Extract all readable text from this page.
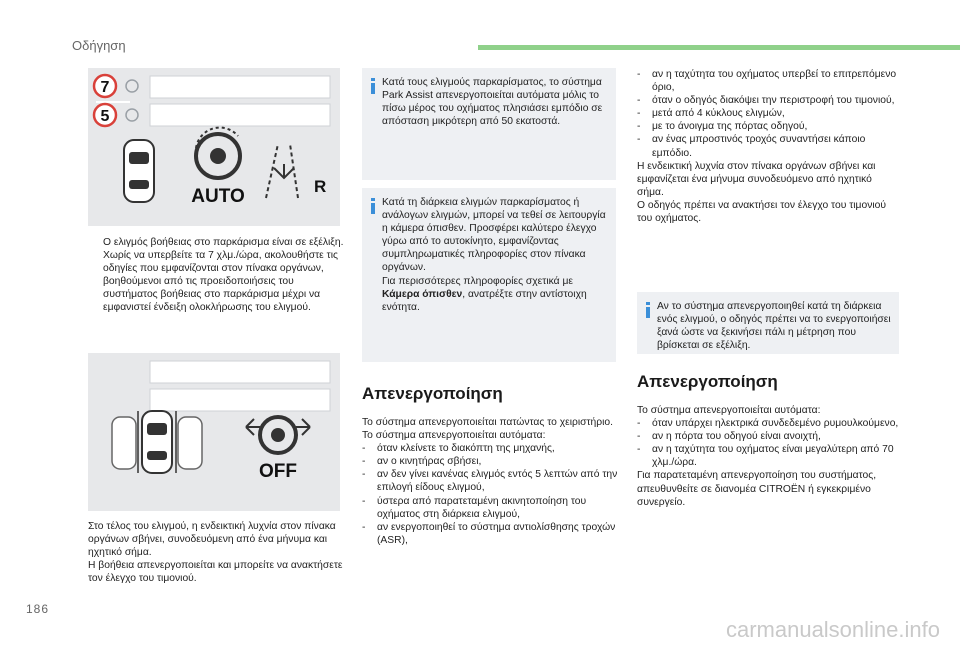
Οδήγηση
7
5
AUTO	R

Ο ελιγμός βοήθειας στο παρκάρισμα είναι σε εξέλιξη.

Χωρίς να υπερβείτε τα 7 χλμ./ώρα, ακολουθήστε τις οδηγίες που εμφανίζονται στον πίνακα οργάνων, βοηθούμενοι από τις προειδοποιήσεις του συστήματος βοήθειας στο παρκάρισμα μέχρι να εμφανιστεί ένδειξη ολοκλήρωσης του ελιγμού.

OFF

Στο τέλος του ελιγμού, η ενδεικτική λυχνία στον πίνακα οργάνων σβήνει, συνοδευόμενη από ένα μήνυμα και ηχητικό σήμα.

Η βοήθεια απενεργοποιείται και μπορείτε να ανακτήσετε τον έλεγχο του τιμονιού.

Κατά τους ελιγμούς παρκαρίσματος, το σύστημα Park Assist απενεργοποιείται αυτόματα μόλις το πίσω μέρος του οχήματος πλησιάσει εμπόδιο σε απόσταση μικρότερη από 50 εκατοστά.

Κατά τη διάρκεια ελιγμών παρκαρίσματος ή ανάλογων ελιγμών, μπορεί να τεθεί σε λειτουργία η κάμερα όπισθεν. Προσφέρει καλύτερο έλεγχο γύρω από το αυτοκίνητο, εμφανίζοντας συμπληρωματικές πληροφορίες στον πίνακα οργάνων.

Για περισσότερες πληροφορίες σχετικά με Κάμερα όπισθεν, ανατρέξτε στην αντίστοιχη ενότητα.

Απενεργοποίηση

Το σύστημα απενεργοποιείται πατώντας το χειριστήριο.

Το σύστημα απενεργοποιείται αυτόματα:

- όταν κλείνετε το διακόπτη της μηχανής,
- αν ο κινητήρας σβήσει,
- αν δεν γίνει κανένας ελιγμός εντός 5 λεπτών από την επιλογή είδους ελιγμού,
- ύστερα από παρατεταμένη ακινητοποίηση του οχήματος στη διάρκεια ελιγμού,
- αν ενεργοποιηθεί το σύστημα αντιολίσθησης τροχών (ASR),
- αν η ταχύτητα του οχήματος υπερβεί το επιτρεπόμενο όριο,
- όταν ο οδηγός διακόψει την περιστροφή του τιμονιού,
- μετά από 4 κύκλους ελιγμών,
- με το άνοιγμα της πόρτας οδηγού,
- αν ένας μπροστινός τροχός συναντήσει κάποιο εμπόδιο.

Η ενδεικτική λυχνία στον πίνακα οργάνων σβήνει και εμφανίζεται ένα μήνυμα συνοδευόμενο από ηχητικό σήμα.

Ο οδηγός πρέπει να ανακτήσει τον έλεγχο του τιμονιού του οχήματος.

Αν το σύστημα απενεργοποιηθεί κατά τη διάρκεια ενός ελιγμού, ο οδηγός πρέπει να το ενεργοποιήσει ξανά ώστε να ξεκινήσει πάλι η μέτρηση που βρίσκεται σε εξέλιξη.
Απενεργοποίηση

Το σύστημα απενεργοποιείται αυτόματα:

- όταν υπάρχει ηλεκτρικά συνδεδεμένο ρυμουλκούμενο,
- αν η πόρτα του οδηγού είναι ανοιχτή,
- αν η ταχύτητα του οχήματος είναι μεγαλύτερη από 70 χλμ./ώρα.

Για παρατεταμένη απενεργοποίηση του συστήματος, απευθυνθείτε σε διανομέα CITROËN ή εγκεκριμένο συνεργείο.

186
carmanualsonline.info
